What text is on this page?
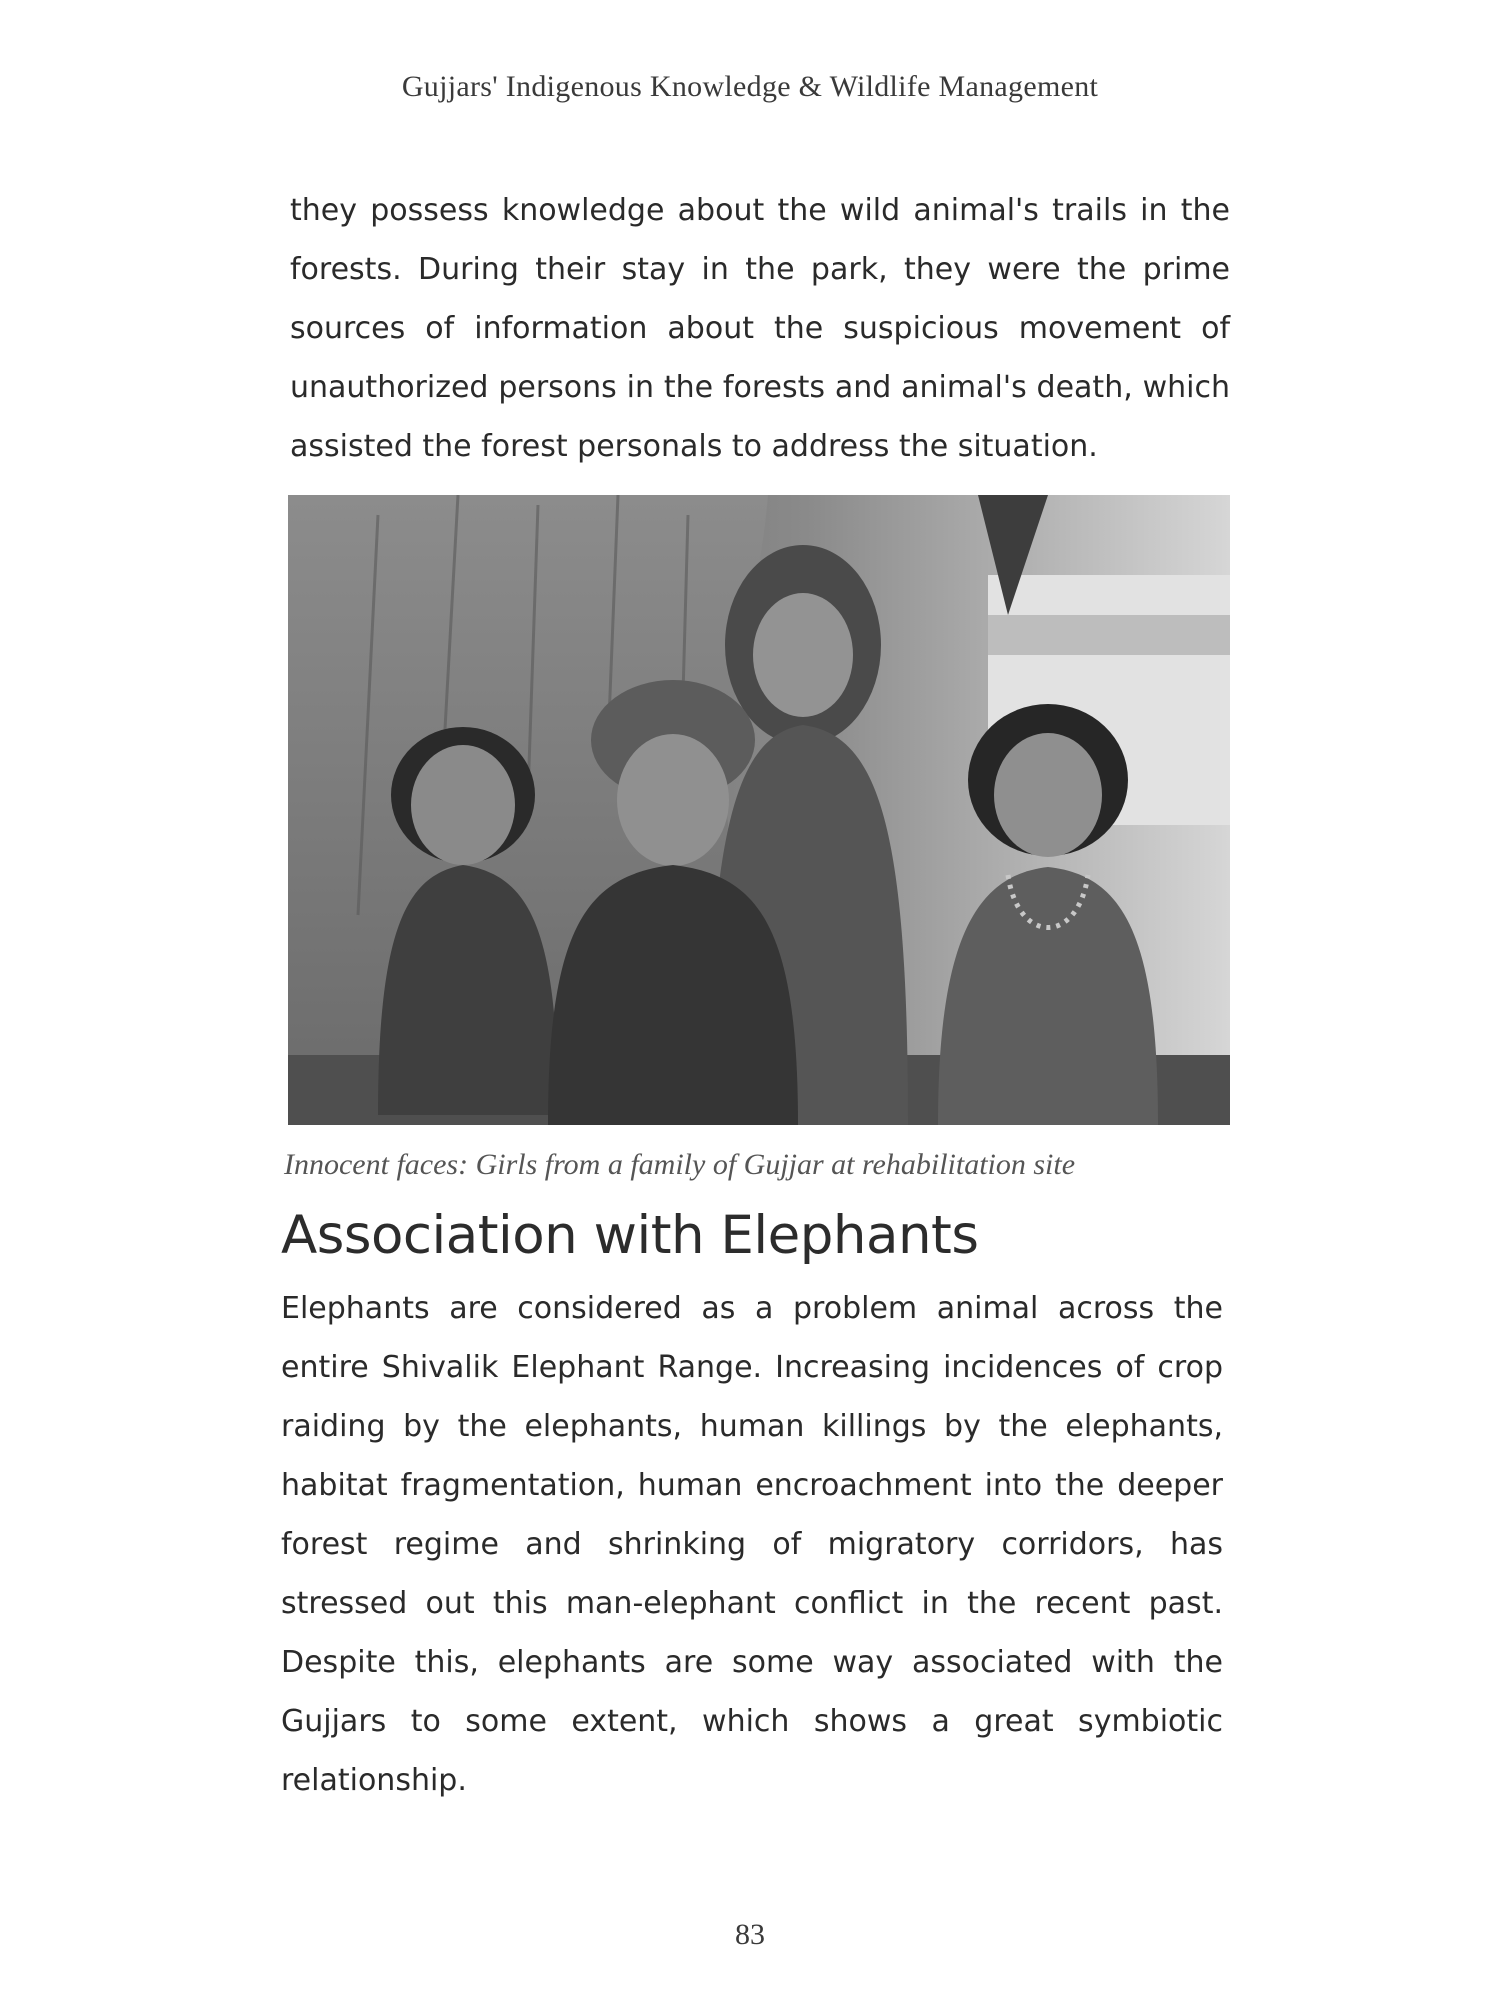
Gujjars' Indigenous Knowledge & Wildlife Management

they possess knowledge about the wild animal's trails in the forests. During their stay in the park, they were the prime sources of information about the suspicious movement of unauthorized persons in the forests and animal's death, which assisted the forest personals to address the situation.

Innocent faces: Girls from a family of Gujjar at rehabilitation site
Association with Elephants

Elephants are considered as a problem animal across the entire Shivalik Elephant Range. Increasing incidences of crop raiding by the elephants, human killings by the elephants, habitat fragmentation, human encroachment into the deeper forest regime and shrinking of migratory corridors, has stressed out this man-elephant conflict in the recent past. Despite this, elephants are some way associated with the Gujjars to some extent, which shows a great symbiotic relationship.

83
